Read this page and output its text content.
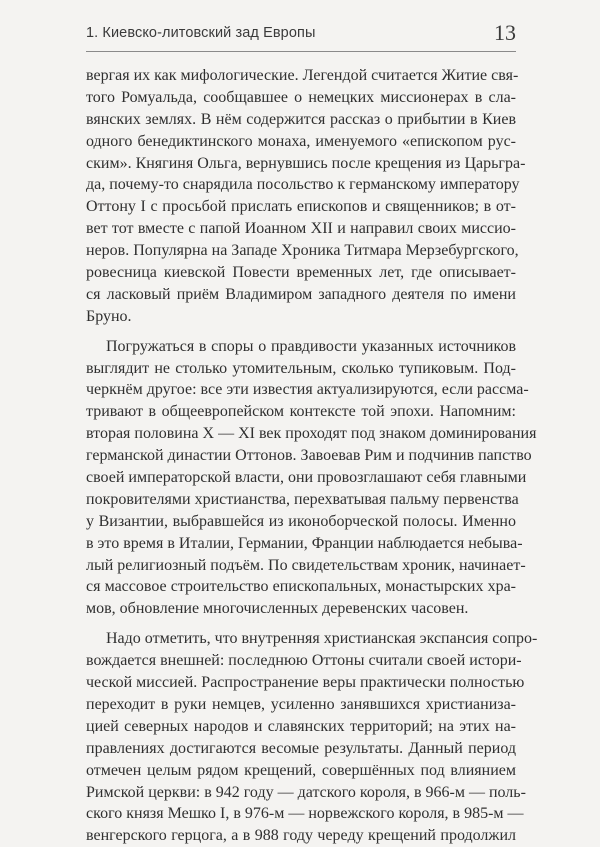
1. Киевско-литовский зад Европы	13
вергая их как мифологические. Легендой считается Житие свя-
того Ромуальда, сообщавшее о немецких миссионерах в сла-
вянских землях. В нём содержится рассказ о прибытии в Киев
одного бенедиктинского монаха, именуемого «епископом рус-
ским». Княгиня Ольга, вернувшись после крещения из Царьгра-
да, почему-то снарядила посольство к германскому императору
Оттону I с просьбой прислать епископов и священников; в от-
вет тот вместе с папой Иоанном XII и направил своих миссио-
неров. Популярна на Западе Хроника Титмара Мерзебургского,
ровесница киевской Повести временных лет, где описывает-
ся ласковый приём Владимиром западного деятеля по имени
Бруно.
Погружаться в споры о правдивости указанных источников
выглядит не столько утомительным, сколько тупиковым. Под-
черкнём другое: все эти известия актуализируются, если рассма-
тривают в общеевропейском контексте той эпохи. Напомним:
вторая половина X — XI век проходят под знаком доминирования
германской династии Оттонов. Завоевав Рим и подчинив папство
своей императорской власти, они провозглашают себя главными
покровителями христианства, перехватывая пальму первенства
у Византии, выбравшейся из иконоборческой полосы. Именно
в это время в Италии, Германии, Франции наблюдается небыва-
лый религиозный подъём. По свидетельствам хроник, начинает-
ся массовое строительство епископальных, монастырских хра-
мов, обновление многочисленных деревенских часовен.
Надо отметить, что внутренняя христианская экспансия сопро-
вождается внешней: последнюю Оттоны считали своей истори-
ческой миссией. Распространение веры практически полностью
переходит в руки немцев, усиленно занявшихся христианиза-
цией северных народов и славянских территорий; на этих на-
правлениях достигаются весомые результаты. Данный период
отмечен целым рядом крещений, совершённых под влиянием
Римской церкви: в 942 году — датского короля, в 966-м — поль-
ского князя Мешко I, в 976-м — норвежского короля, в 985-м —
венгерского герцога, а в 988 году череду крещений продолжил
